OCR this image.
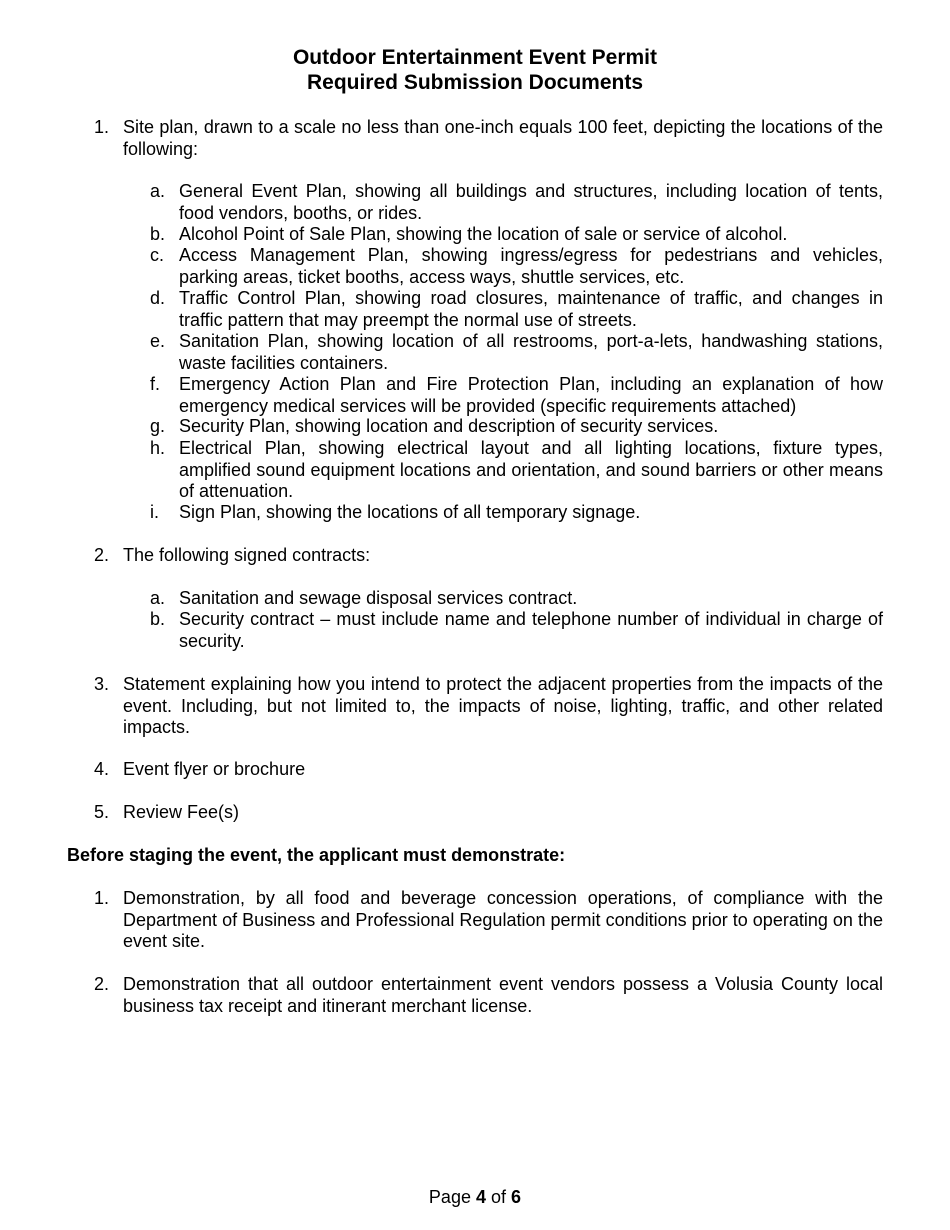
Outdoor Entertainment Event Permit
Required Submission Documents
1. Site plan, drawn to a scale no less than one-inch equals 100 feet, depicting the locations of the following:
a. General Event Plan, showing all buildings and structures, including location of tents, food vendors, booths, or rides.
b. Alcohol Point of Sale Plan, showing the location of sale or service of alcohol.
c. Access Management Plan, showing ingress/egress for pedestrians and vehicles, parking areas, ticket booths, access ways, shuttle services, etc.
d. Traffic Control Plan, showing road closures, maintenance of traffic, and changes in traffic pattern that may preempt the normal use of streets.
e. Sanitation Plan, showing location of all restrooms, port-a-lets, handwashing stations, waste facilities containers.
f.	Emergency Action Plan and Fire Protection Plan, including an explanation of how emergency medical services will be provided (specific requirements attached)
g. Security Plan, showing location and description of security services.
h. Electrical Plan, showing electrical layout and all lighting locations, fixture types, amplified sound equipment locations and orientation, and sound barriers or other means of attenuation.
i.	Sign Plan, showing the locations of all temporary signage.
2. The following signed contracts:
a. Sanitation and sewage disposal services contract.
b. Security contract – must include name and telephone number of individual in charge of security.
3. Statement explaining how you intend to protect the adjacent properties from the impacts of the event. Including, but not limited to, the impacts of noise, lighting, traffic, and other related impacts.
4. Event flyer or brochure
5. Review Fee(s)
Before staging the event, the applicant must demonstrate:
1. Demonstration, by all food and beverage concession operations, of compliance with the Department of Business and Professional Regulation permit conditions prior to operating on the event site.
2. Demonstration that all outdoor entertainment event vendors possess a Volusia County local business tax receipt and itinerant merchant license.
Page 4 of 6
